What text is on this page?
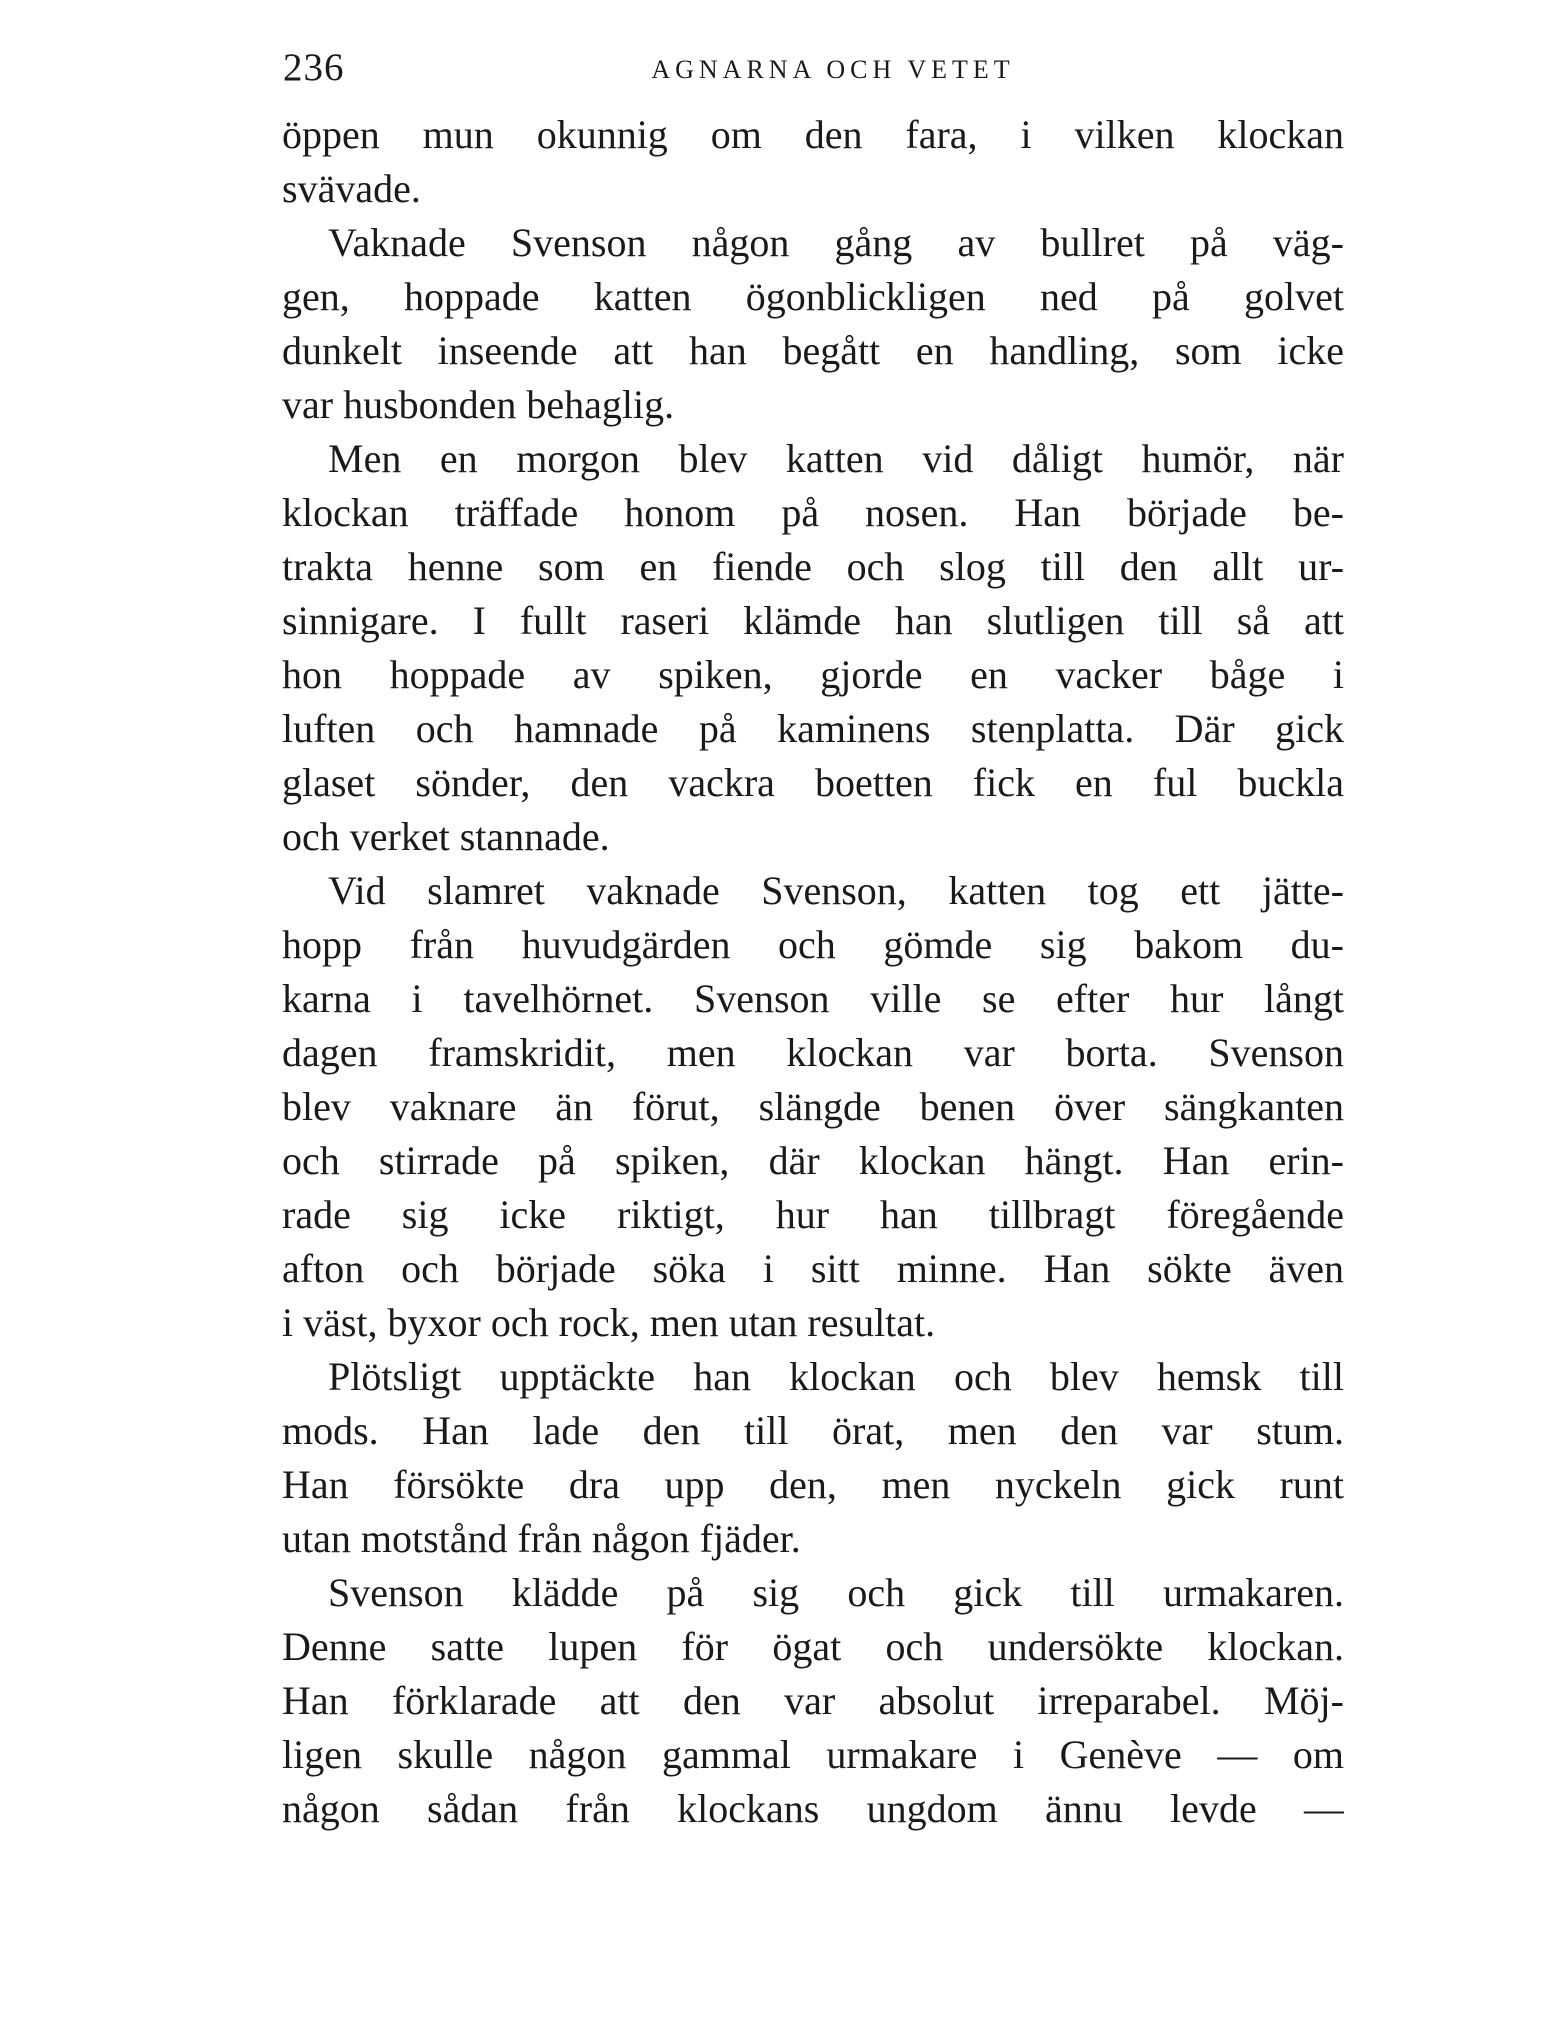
236	AGNARNA OCH VETET
öppen mun okunnig om den fara, i vilken klockan
svävade.
Vaknade Svenson någon gång av bullret på väg-
gen, hoppade katten ögonblickligen ned på golvet
dunkelt inseende att han begått en handling, som icke
var husbonden behaglig.
Men en morgon blev katten vid dåligt humör, när
klockan träffade honom på nosen. Han började be-
trakta henne som en fiende och slog till den allt ur-
sinnigare. I fullt raseri klämde han slutligen till så att
hon hoppade av spiken, gjorde en vacker båge i
luften och hamnade på kaminens stenplatta. Där gick
glaset sönder, den vackra boetten fick en ful buckla
och verket stannade.
Vid slamret vaknade Svenson, katten tog ett jätte-
hopp från huvudgärden och gömde sig bakom du-
karna i tavelhörnet. Svenson ville se efter hur långt
dagen framskridit, men klockan var borta. Svenson
blev vaknare än förut, slängde benen över sängkanten
och stirrade på spiken, där klockan hängt. Han erin-
rade sig icke riktigt, hur han tillbragt föregående
afton och började söka i sitt minne. Han sökte även
i väst, byxor och rock, men utan resultat.
Plötsligt upptäckte han klockan och blev hemsk till
mods. Han lade den till örat, men den var stum.
Han försökte dra upp den, men nyckeln gick runt
utan motstånd från någon fjäder.
Svenson klädde på sig och gick till urmakaren.
Denne satte lupen för ögat och undersökte klockan.
Han förklarade att den var absolut irreparabel. Möj-
ligen skulle någon gammal urmakare i Genève — om
någon sådan från klockans ungdom ännu levde —
